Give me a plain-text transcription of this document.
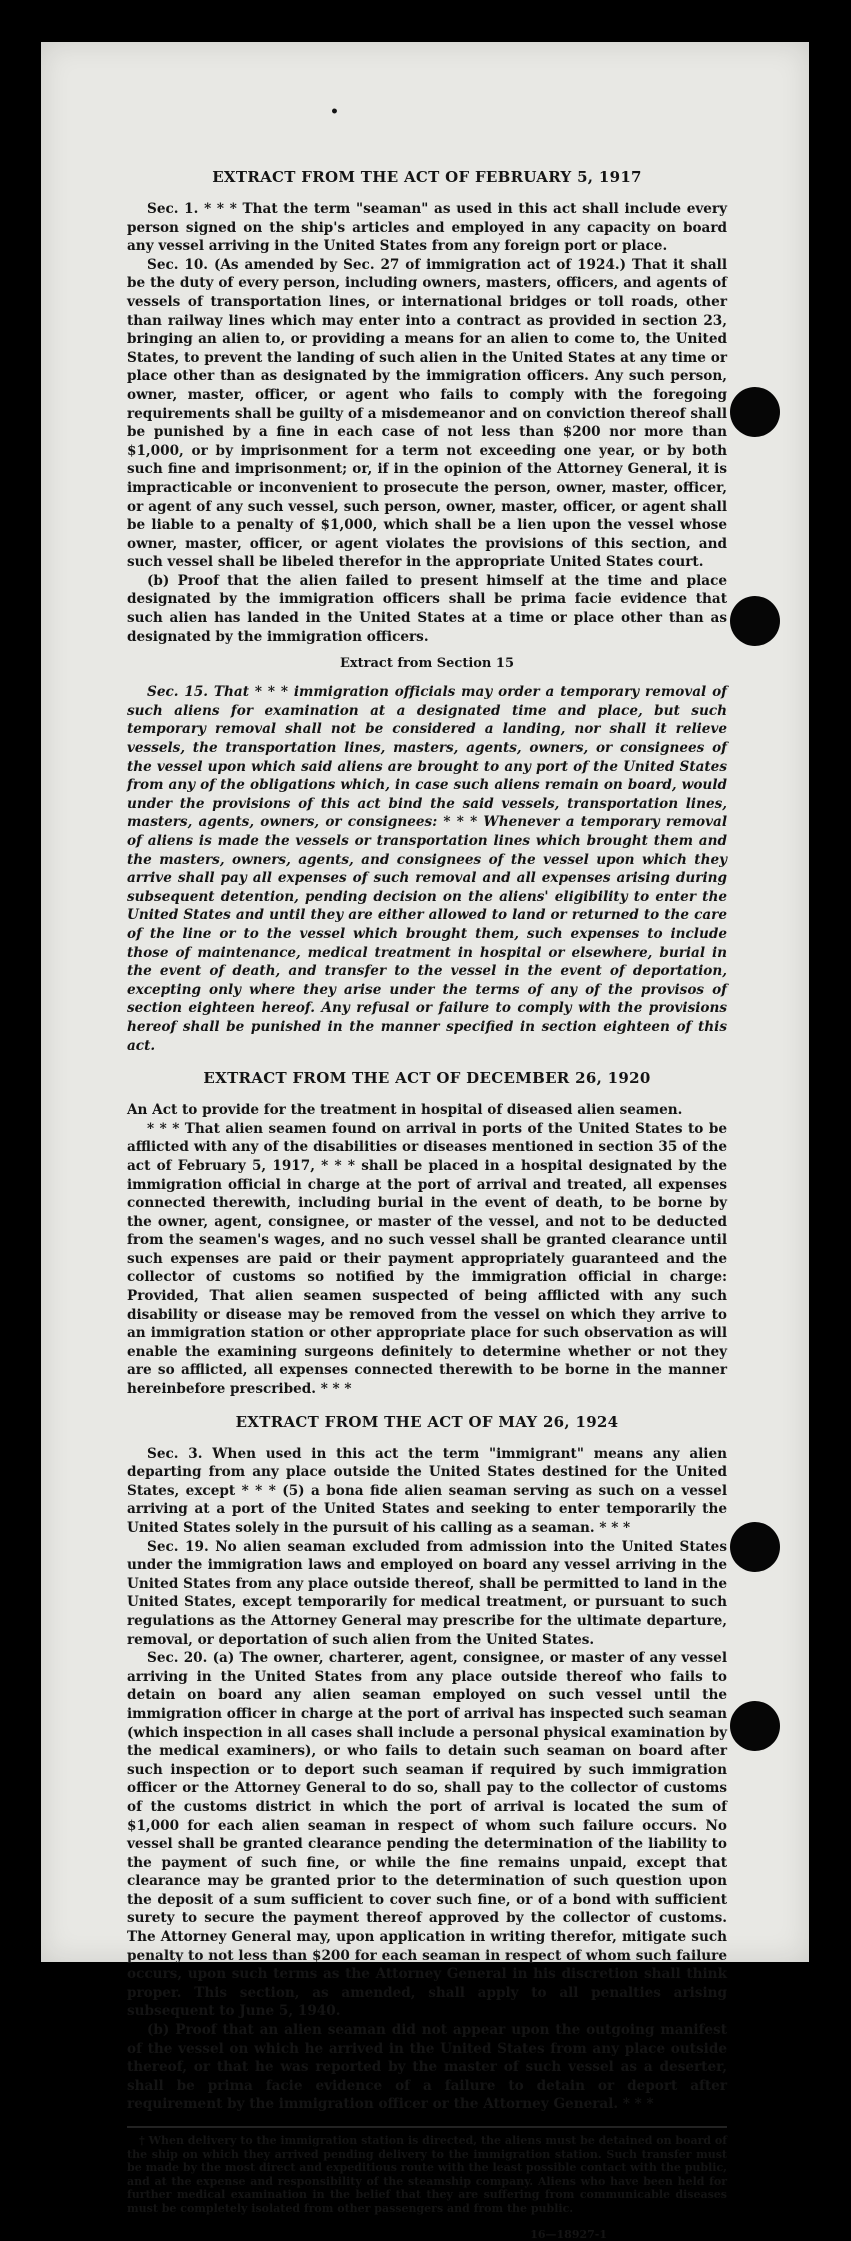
•
EXTRACT FROM THE ACT OF FEBRUARY 5, 1917

Sec. 1. * * * That the term "seaman" as used in this act shall include every person signed on the ship's articles and employed in any capacity on board any vessel arriving in the United States from any foreign port or place.

Sec. 10. (As amended by Sec. 27 of immigration act of 1924.) That it shall be the duty of every person, including owners, masters, officers, and agents of vessels of transportation lines, or international bridges or toll roads, other than railway lines which may enter into a contract as provided in section 23, bringing an alien to, or providing a means for an alien to come to, the United States, to prevent the landing of such alien in the United States at any time or place other than as designated by the immigration officers. Any such person, owner, master, officer, or agent who fails to comply with the foregoing requirements shall be guilty of a misdemeanor and on conviction thereof shall be punished by a fine in each case of not less than $200 nor more than $1,000, or by imprisonment for a term not exceeding one year, or by both such fine and imprisonment; or, if in the opinion of the Attorney General, it is impracticable or inconvenient to prosecute the person, owner, master, officer, or agent of any such vessel, such person, owner, master, officer, or agent shall be liable to a penalty of $1,000, which shall be a lien upon the vessel whose owner, master, officer, or agent violates the provisions of this section, and such vessel shall be libeled therefor in the appropriate United States court.

(b) Proof that the alien failed to present himself at the time and place designated by the immigration officers shall be prima facie evidence that such alien has landed in the United States at a time or place other than as designated by the immigration officers.

Extract from Section 15

Sec. 15. That * * * immigration officials may order a temporary removal of such aliens for examination at a designated time and place, but such temporary removal shall not be considered a landing, nor shall it relieve vessels, the transportation lines, masters, agents, owners, or consignees of the vessel upon which said aliens are brought to any port of the United States from any of the obligations which, in case such aliens remain on board, would under the provisions of this act bind the said vessels, transportation lines, masters, agents, owners, or consignees: * * * Whenever a temporary removal of aliens is made the vessels or transportation lines which brought them and the masters, owners, agents, and consignees of the vessel upon which they arrive shall pay all expenses of such removal and all expenses arising during subsequent detention, pending decision on the aliens' eligibility to enter the United States and until they are either allowed to land or returned to the care of the line or to the vessel which brought them, such expenses to include those of maintenance, medical treatment in hospital or elsewhere, burial in the event of death, and transfer to the vessel in the event of deportation, excepting only where they arise under the terms of any of the provisos of section eighteen hereof. Any refusal or failure to comply with the provisions hereof shall be punished in the manner specified in section eighteen of this act.

EXTRACT FROM THE ACT OF DECEMBER 26, 1920

An Act to provide for the treatment in hospital of diseased alien seamen.

* * * That alien seamen found on arrival in ports of the United States to be afflicted with any of the disabilities or diseases mentioned in section 35 of the act of February 5, 1917, * * * shall be placed in a hospital designated by the immigration official in charge at the port of arrival and treated, all expenses connected therewith, including burial in the event of death, to be borne by the owner, agent, consignee, or master of the vessel, and not to be deducted from the seamen's wages, and no such vessel shall be granted clearance until such expenses are paid or their payment appropriately guaranteed and the collector of customs so notified by the immigration official in charge: Provided, That alien seamen suspected of being afflicted with any such disability or disease may be removed from the vessel on which they arrive to an immigration station or other appropriate place for such observation as will enable the examining surgeons definitely to determine whether or not they are so afflicted, all expenses connected therewith to be borne in the manner hereinbefore prescribed. * * *

EXTRACT FROM THE ACT OF MAY 26, 1924

Sec. 3. When used in this act the term "immigrant" means any alien departing from any place outside the United States destined for the United States, except * * * (5) a bona fide alien seaman serving as such on a vessel arriving at a port of the United States and seeking to enter temporarily the United States solely in the pursuit of his calling as a seaman. * * *

Sec. 19. No alien seaman excluded from admission into the United States under the immigration laws and employed on board any vessel arriving in the United States from any place outside thereof, shall be permitted to land in the United States, except temporarily for medical treatment, or pursuant to such regulations as the Attorney General may prescribe for the ultimate departure, removal, or deportation of such alien from the United States.

Sec. 20. (a) The owner, charterer, agent, consignee, or master of any vessel arriving in the United States from any place outside thereof who fails to detain on board any alien seaman employed on such vessel until the immigration officer in charge at the port of arrival has inspected such seaman (which inspection in all cases shall include a personal physical examination by the medical examiners), or who fails to detain such seaman on board after such inspection or to deport such seaman if required by such immigration officer or the Attorney General to do so, shall pay to the collector of customs of the customs district in which the port of arrival is located the sum of $1,000 for each alien seaman in respect of whom such failure occurs. No vessel shall be granted clearance pending the determination of the liability to the payment of such fine, or while the fine remains unpaid, except that clearance may be granted prior to the determination of such question upon the deposit of a sum sufficient to cover such fine, or of a bond with sufficient surety to secure the payment thereof approved by the collector of customs. The Attorney General may, upon application in writing therefor, mitigate such penalty to not less than $200 for each seaman in respect of whom such failure occurs, upon such terms as the Attorney General in his discretion shall think proper. This section, as amended, shall apply to all penalties arising subsequent to June 5, 1940.

(b) Proof that an alien seaman did not appear upon the outgoing manifest of the vessel on which he arrived in the United States from any place outside thereof, or that he was reported by the master of such vessel as a deserter, shall be prima facie evidence of a failure to detain or deport after requirement by the immigration officer or the Attorney General. * * *

† When delivery to the immigration station is directed, the aliens must be detained on board of the ship on which they arrived pending delivery to the immigration station. Such transfer must be made by the most direct and expeditious route with the least possible contact with the public, and at the expense and responsibility of the steamship company. Aliens who have been held for further medical examination in the belief that they are suffering from communicable diseases must be completely isolated from other passengers and from the public.

16—18927-1
